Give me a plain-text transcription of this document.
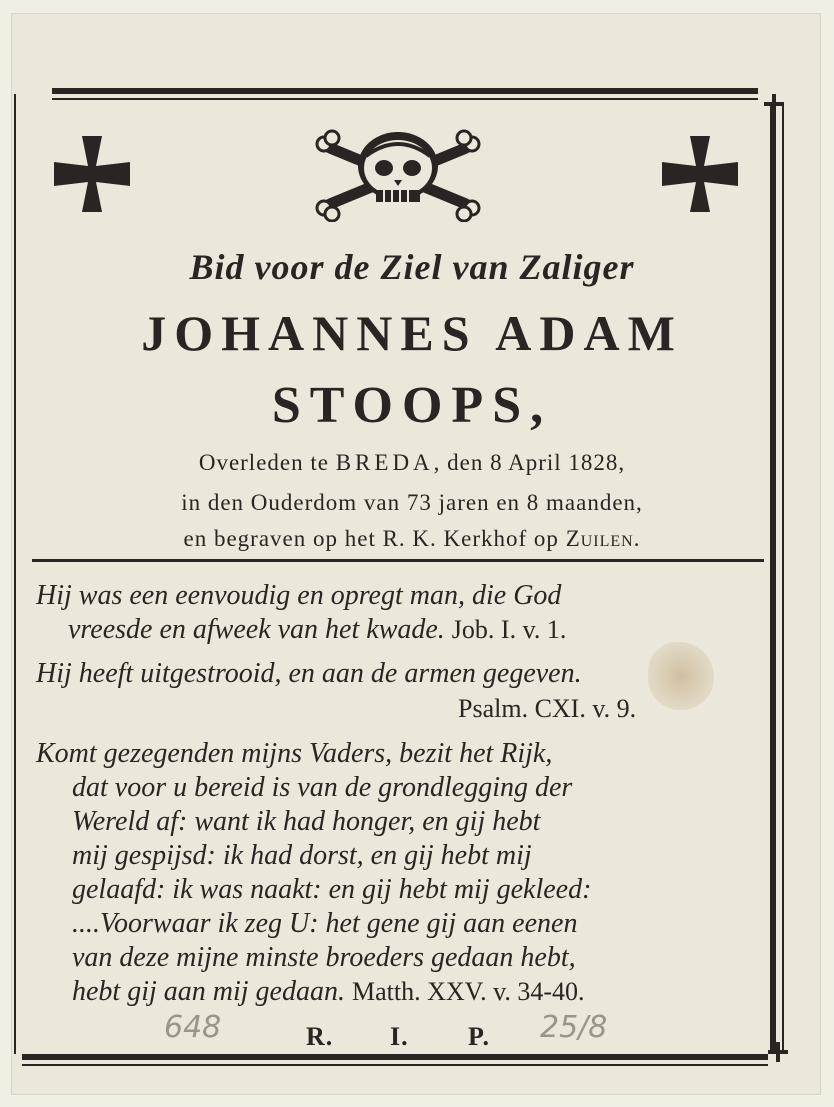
Bid voor de Ziel van Zaliger
JOHANNES ADAM
STOOPS,
Overleden te BREDA, den 8 April 1828,
in den Ouderdom van 73 jaren en 8 maanden,
en begraven op het R. K. Kerkhof op Zuilen.
Hij was een eenvoudig en opregt man, die God
vreesde en afweek van het kwade. Job. I. v. 1.
Hij heeft uitgestrooid, en aan de armen gegeven.
Psalm. CXI. v. 9.
Komt gezegenden mijns Vaders, bezit het Rijk,
dat voor u bereid is van de grondlegging der
Wereld af: want ik had honger, en gij hebt
mij gespijsd: ik had dorst, en gij hebt mij
gelaafd: ik was naakt: en gij hebt mij gekleed:
....Voorwaar ik zeg U: het gene gij aan eenen
van deze mijne minste broeders gedaan hebt,
hebt gij aan mij gedaan. Matth. XXV. v. 34-40.
R. I. P.
648	25/8
